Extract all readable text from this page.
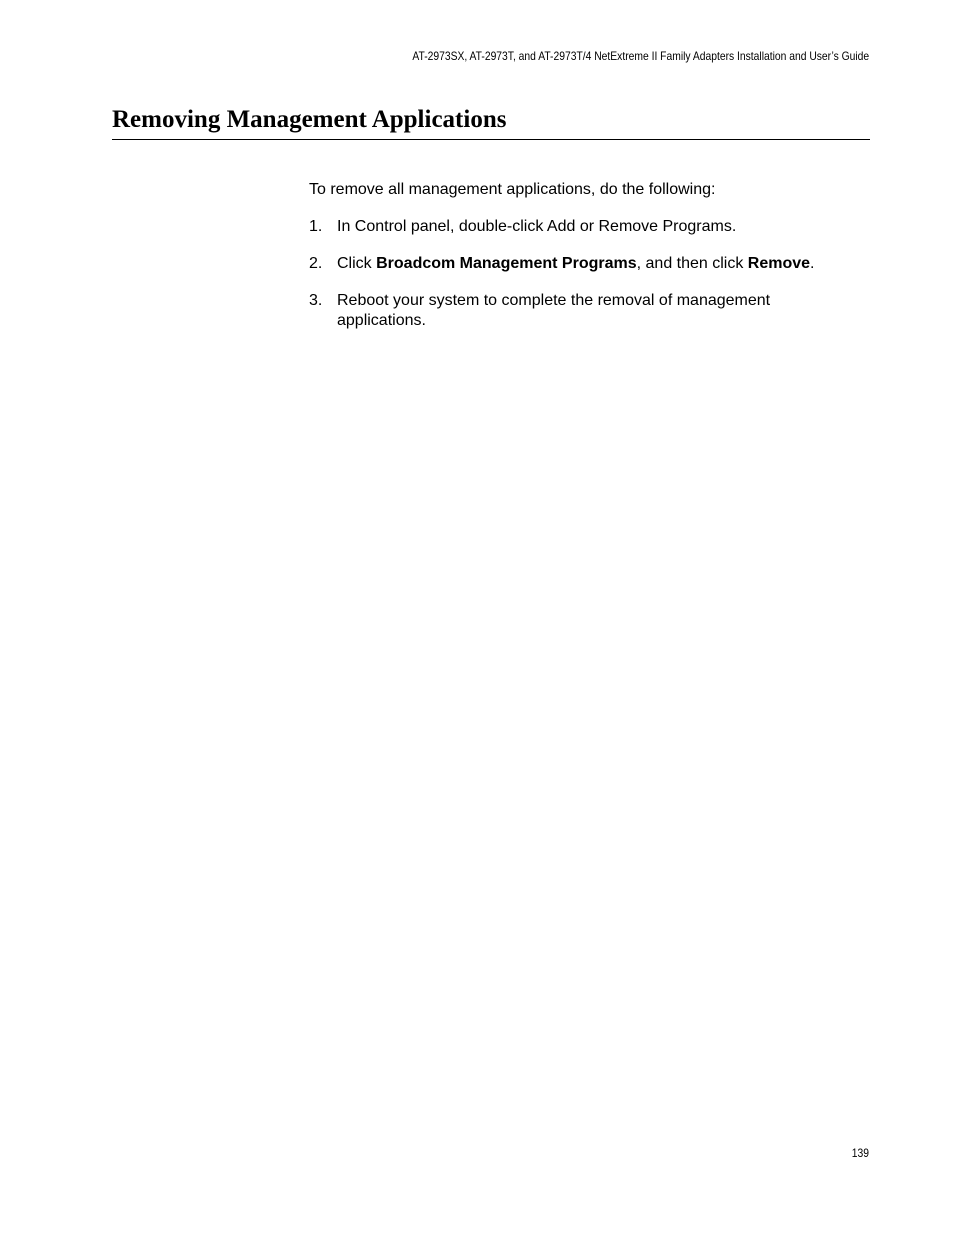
AT-2973SX, AT-2973T, and AT-2973T/4 NetExtreme II Family Adapters Installation and User’s Guide
Removing Management Applications

To remove all management applications, do the following:

1. In Control panel, double-click Add or Remove Programs.
2. Click Broadcom Management Programs, and then click Remove.
3. Reboot your system to complete the removal of management applications.
139
